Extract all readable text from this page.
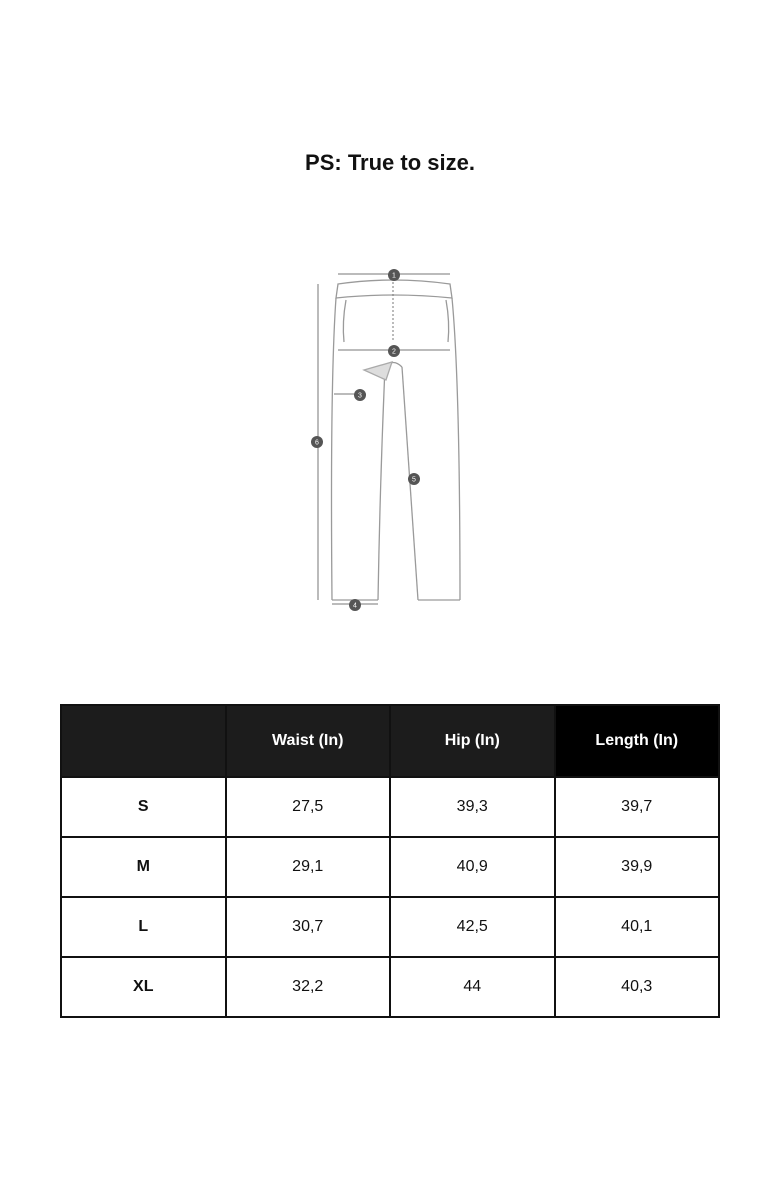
PS: True to size.
1
2
3
4
5
6
	Waist (In)	Hip (In)	Length (In)
S	27,5	39,3	39,7
M	29,1	40,9	39,9
L	30,7	42,5	40,1
XL	32,2	44	40,3
